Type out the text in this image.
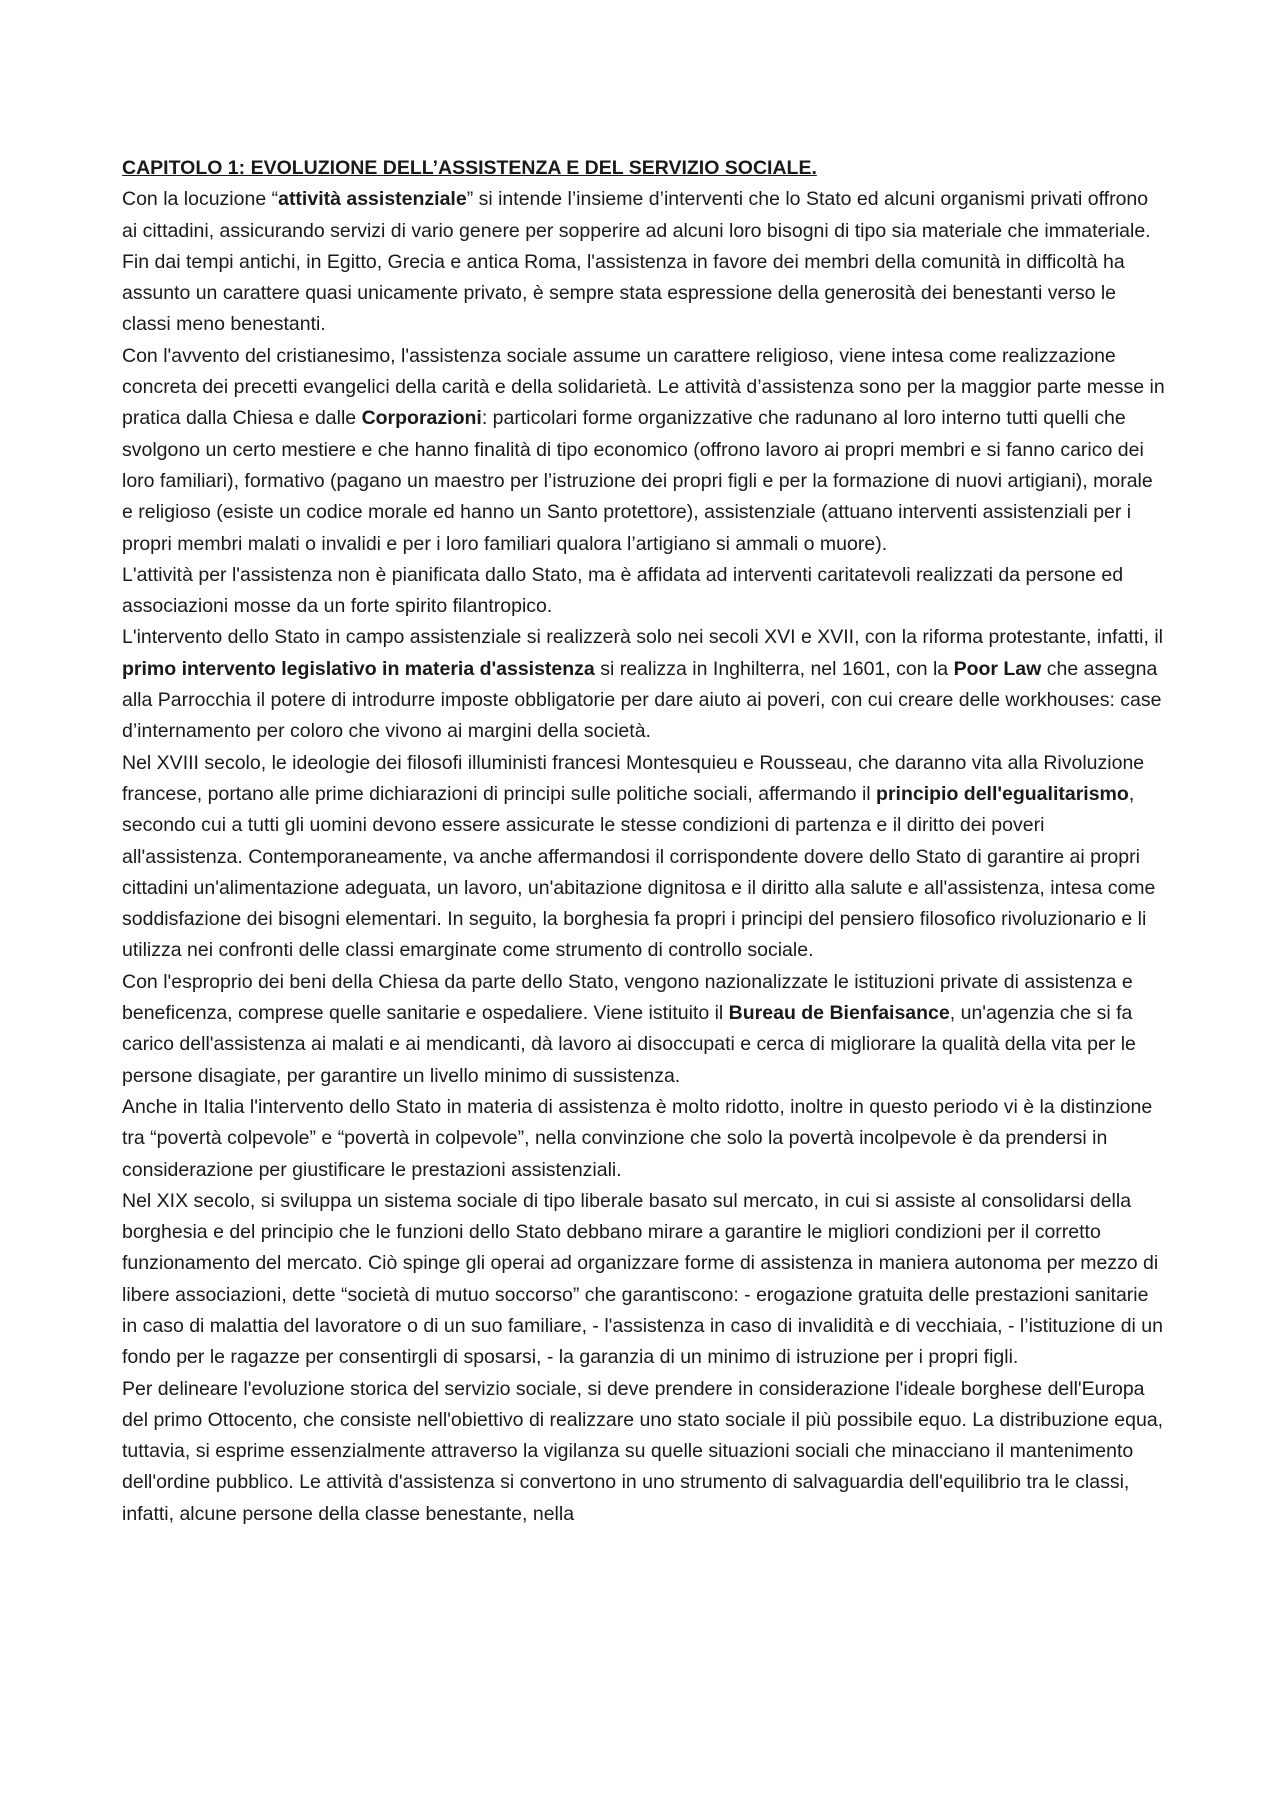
CAPITOLO 1: EVOLUZIONE DELL’ASSISTENZA E DEL SERVIZIO SOCIALE.

Con la locuzione “attività assistenziale” si intende l’insieme d’interventi che lo Stato ed alcuni organismi privati offrono ai cittadini, assicurando servizi di vario genere per sopperire ad alcuni loro bisogni di tipo sia materiale che immateriale.

Fin dai tempi antichi, in Egitto, Grecia e antica Roma, l'assistenza in favore dei membri della comunità in difficoltà ha assunto un carattere quasi unicamente privato, è sempre stata espressione della generosità dei benestanti verso le classi meno benestanti.

Con l'avvento del cristianesimo, l'assistenza sociale assume un carattere religioso, viene intesa come realizzazione concreta dei precetti evangelici della carità e della solidarietà. Le attività d’assistenza sono per la maggior parte messe in pratica dalla Chiesa e dalle Corporazioni: particolari forme organizzative che radunano al loro interno tutti quelli che svolgono un certo mestiere e che hanno finalità di tipo economico (offrono lavoro ai propri membri e si fanno carico dei loro familiari), formativo (pagano un maestro per l’istruzione dei propri figli e per la formazione di nuovi artigiani), morale e religioso (esiste un codice morale ed hanno un Santo protettore), assistenziale (attuano interventi assistenziali per i propri membri malati o invalidi e per i loro familiari qualora l’artigiano si ammali o muore).

L'attività per l'assistenza non è pianificata dallo Stato, ma è affidata ad interventi caritatevoli realizzati da persone ed associazioni mosse da un forte spirito filantropico.

L'intervento dello Stato in campo assistenziale si realizzerà solo nei secoli XVI e XVII, con la riforma protestante, infatti, il primo intervento legislativo in materia d'assistenza si realizza in Inghilterra, nel 1601, con la Poor Law che assegna alla Parrocchia il potere di introdurre imposte obbligatorie per dare aiuto ai poveri, con cui creare delle workhouses: case d’internamento per coloro che vivono ai margini della società.

Nel XVIII secolo, le ideologie dei filosofi illuministi francesi Montesquieu e Rousseau, che daranno vita alla Rivoluzione francese, portano alle prime dichiarazioni di principi sulle politiche sociali, affermando il principio dell'egualitarismo, secondo cui a tutti gli uomini devono essere assicurate le stesse condizioni di partenza e il diritto dei poveri all'assistenza. Contemporaneamente, va anche affermandosi il corrispondente dovere dello Stato di garantire ai propri cittadini un'alimentazione adeguata, un lavoro, un'abitazione dignitosa e il diritto alla salute e all'assistenza, intesa come soddisfazione dei bisogni elementari. In seguito, la borghesia fa propri i principi del pensiero filosofico rivoluzionario e li utilizza nei confronti delle classi emarginate come strumento di controllo sociale.

Con l'esproprio dei beni della Chiesa da parte dello Stato, vengono nazionalizzate le istituzioni private di assistenza e beneficenza, comprese quelle sanitarie e ospedaliere. Viene istituito il Bureau de Bienfaisance, un'agenzia che si fa carico dell'assistenza ai malati e ai mendicanti, dà lavoro ai disoccupati e cerca di migliorare la qualità della vita per le persone disagiate, per garantire un livello minimo di sussistenza.

Anche in Italia l'intervento dello Stato in materia di assistenza è molto ridotto, inoltre in questo periodo vi è la distinzione tra “povertà colpevole” e “povertà in colpevole”, nella convinzione che solo la povertà incolpevole è da prendersi in considerazione per giustificare le prestazioni assistenziali.

Nel XIX secolo, si sviluppa un sistema sociale di tipo liberale basato sul mercato, in cui si assiste al consolidarsi della borghesia e del principio che le funzioni dello Stato debbano mirare a garantire le migliori condizioni per il corretto funzionamento del mercato. Ciò spinge gli operai ad organizzare forme di assistenza in maniera autonoma per mezzo di libere associazioni, dette “società di mutuo soccorso” che garantiscono: - erogazione gratuita delle prestazioni sanitarie in caso di malattia del lavoratore o di un suo familiare, - l'assistenza in caso di invalidità e di vecchiaia, - l’istituzione di un fondo per le ragazze per consentirgli di sposarsi, - la garanzia di un minimo di istruzione per i propri figli.

Per delineare l'evoluzione storica del servizio sociale, si deve prendere in considerazione l'ideale borghese dell'Europa del primo Ottocento, che consiste nell'obiettivo di realizzare uno stato sociale il più possibile equo. La distribuzione equa, tuttavia, si esprime essenzialmente attraverso la vigilanza su quelle situazioni sociali che minacciano il mantenimento dell'ordine pubblico. Le attività d'assistenza si convertono in uno strumento di salvaguardia dell'equilibrio tra le classi, infatti, alcune persone della classe benestante, nella
